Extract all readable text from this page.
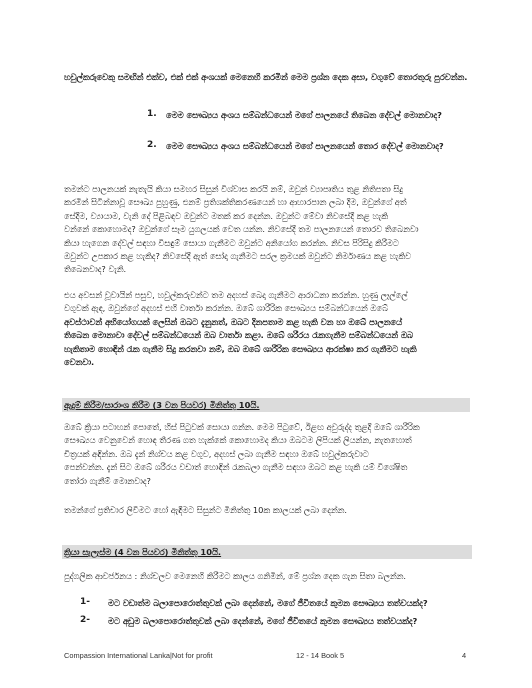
හවුල්කරුවෙකු සමඟින් එක්ව, එක් එක් අංශයක් මෙනෙහි කරමින් මෙම ප්‍රශ්න දෙක අසා, වගුවේ තොරතුරු පුරවන්න.

1. මෙම සෞඛ්‍යය අංශය සම්බන්ධයෙන් මගේ පාලනයේ තිබෙන දේවල් මොනවාද?

2. මෙම සෞඛ්‍යය අංශය සම්බන්ධයෙන් මගේ පාලනයෙන් තොර දේවල් මොනවාද?

තමන්ට පාලනයක් නැතැයි කියා සමහර සිසුන් විශ්වාස කරයි නම්, ඔවුන් ව්‍යාපෘතිය තුළ නිතිපතා සිදු
කරමින් සිටින්නාවූ සෞඛ්‍ය පුහුණු, එනම් ප්‍රතිශක්තිකරණයෙන් හා ආහාරපාන ලබා දීම, ඔවුන්ගේ අත්
සේදීම, ව්‍යායාම, වැනි දේ පිළිබඳව ඔවුන්ට මතක් කර දෙන්න. ඔවුන්ට මේවා නිවසේදී කළ හැකි
වන්නේ කොහොමද? ඔවුන්ගේ සෑම යුගලයක් වෙත යන්න. නිවසේදී තම පාලනයෙන් තොරව තිබෙනවා
කියා හැගෙන දේවල් සඳහා විසඳුම් සොයා ගැනීමට ඔවුන්ට අනියෝග කරන්න. නිවස පිරිසිදු කිරීමට
ඔවුන්ට උපකාර කළ හැකිද? නිවසේදී ඇත් සෝදා ගැනීමට සරල ක්‍රමයක් ඔවුන්ට නිර්මාණය කළ හැකිව
තිබෙනවාද? වැනි.
එය අවසන් වූවායින් පසුව, හවුල්කරුවන්ට තම අදහස් බෙදා ගැනීමට ආරාධනා කරන්න. හුණු ලෑල්ලේ
වගුවක් ඇඳ, ඔවුන්ගේ අදහස් එහි වාර්තා කරන්න. ඔබේ ශාරීරික සෞඛ්‍යය සම්බන්ධයෙන් ඔබේ
අවස්ථාවන් අභියෝගයක් ලෙසින් ඔබට දැනුනත්, ඔබට දිනපතාම කළ හැකි වන හා ඔබේ පාලනයේ
තිබෙන මොනාවා දේවල් සම්බන්ධයෙන් ඔබ වාර්තා කළා. ඔබේ ශරීරය රැකගැනීම සම්බන්ධයෙන් ඔබ
හැකිතාම හොඳින් රැක ගැනීම සිදු කරනවා නම්, ඔබ ඔබේ ශාරීරික සෞඛ්‍යය ආරක්ෂා කර ගැනීමට හැකි
වෙනවා.

ඇදුම් කිරීම/සාරාංශ කිරීම (3 වන පියවර) මිනිත්තු 10යි.

ඔබේ ක්‍රියා පටාහන් පොතේ, හිස් පිටුවක් සොයා ගන්න. මෙම පිටුවේ, ඊළඟ අවුරුද්ද තුළදී ඔබේ ශාරීරික
සෞඛ්‍යය වෙනුවෙන් හොඳ තීරණ ගත හැක්කේ කොහොමද කියා ඔබටම ලිපියක් ලියන්න, නැතහොත්
චිත්‍රයක් අඳින්න. ඔබ දැන් නිශ්චය කළ වගුව, අදහස් ලබා ගැනීම සඳහා ඔබේ හවුල්කරුවාට
පෙන්වන්න. දැන් සිට ඔබේ ශරීරය වඩාත් හොඳින් රැකබලා ගැනීම සඳහා ඔබට කළ හැකි යම් විශේෂිත
තෝරා ගැනීම් මොනවාද?

තමන්ගේ ප්‍රතිචාර ලිවීමට හෝ ඇඳීමට සිසුන්ට මිනිත්තු 10ක කාලයක් ලබා දෙන්න.

ක්‍රියා සැලැස්ම (4 වන පියවර) මිනිත්තු 10යි.

පුද්ගලික ආවර්ජනය : නිශ්චලව මෙනෙහි කිරීමට කාලය ගනිමින්, මේ ප්‍රශ්න දෙක ගැන සිතා බලන්න.

1- මට වඩාත්ම බලාපොරොත්තුවක් ලබා දෙන්නේ, මගේ ජීවිතයේ කුමන සෞඛ්‍යය තත්වයක්ද?

2- මට අඩුම බලාපොරොත්තුවක් ලබා දෙන්නේ, මගේ ජීවිතයේ කුමන සෞඛ්‍යය තත්වයක්ද?

Compassion International Lanka|Not for profit	12 - 14 Book 5	4
